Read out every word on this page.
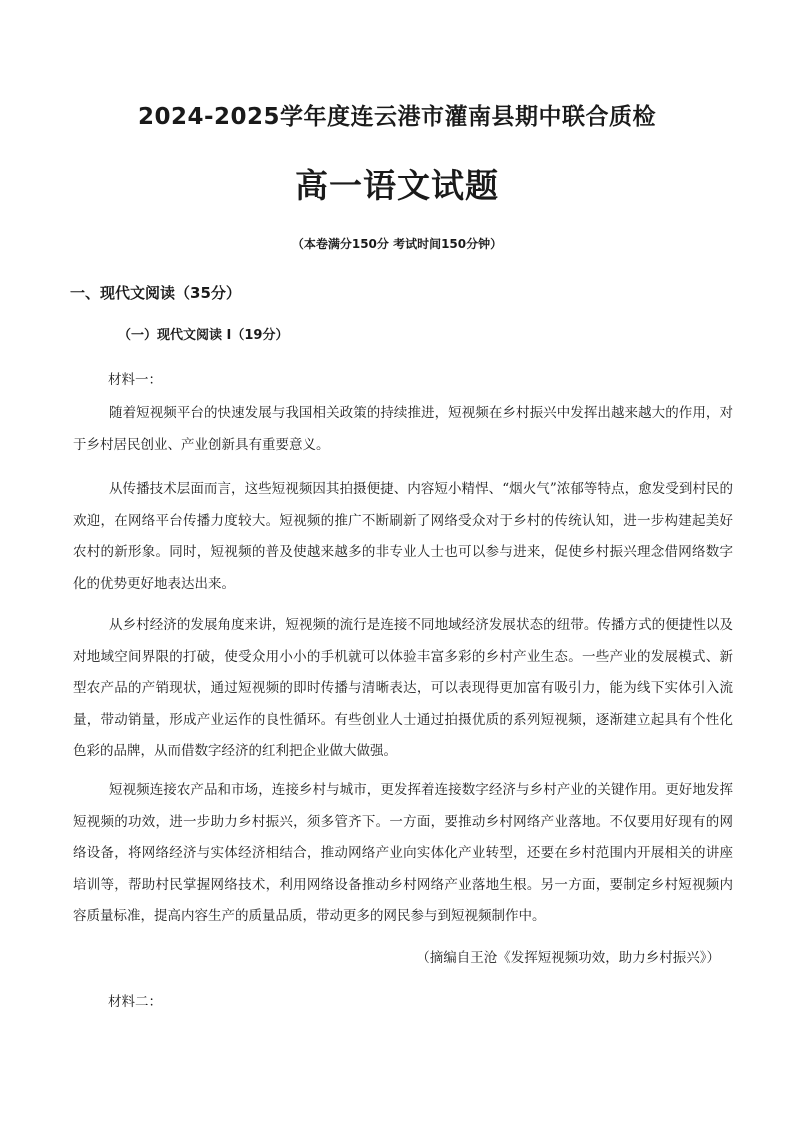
2024-2025学年度连云港市灌南县期中联合质检
高一语文试题

（本卷满分150分 考试时间150分钟）

一、现代文阅读（35分）

（一）现代文阅读 I（19分）

材料一：

随着短视频平台的快速发展与我国相关政策的持续推进，短视频在乡村振兴中发挥出越来越大的作用，对于乡村居民创业、产业创新具有重要意义。

从传播技术层面而言，这些短视频因其拍摄便捷、内容短小精悍、“烟火气”浓郁等特点，愈发受到村民的欢迎，在网络平台传播力度较大。短视频的推广不断刷新了网络受众对于乡村的传统认知，进一步构建起美好农村的新形象。同时，短视频的普及使越来越多的非专业人士也可以参与进来，促使乡村振兴理念借网络数字化的优势更好地表达出来。

从乡村经济的发展角度来讲，短视频的流行是连接不同地域经济发展状态的纽带。传播方式的便捷性以及对地域空间界限的打破，使受众用小小的手机就可以体验丰富多彩的乡村产业生态。一些产业的发展模式、新型农产品的产销现状，通过短视频的即时传播与清晰表达，可以表现得更加富有吸引力，能为线下实体引入流量，带动销量，形成产业运作的良性循环。有些创业人士通过拍摄优质的系列短视频，逐渐建立起具有个性化色彩的品牌，从而借数字经济的红利把企业做大做强。

短视频连接农产品和市场，连接乡村与城市，更发挥着连接数字经济与乡村产业的关键作用。更好地发挥短视频的功效，进一步助力乡村振兴，须多管齐下。一方面，要推动乡村网络产业落地。不仅要用好现有的网络设备，将网络经济与实体经济相结合，推动网络产业向实体化产业转型，还要在乡村范围内开展相关的讲座培训等，帮助村民掌握网络技术，利用网络设备推动乡村网络产业落地生根。另一方面，要制定乡村短视频内容质量标准，提高内容生产的质量品质，带动更多的网民参与到短视频制作中。

（摘编自王沧《发挥短视频功效，助力乡村振兴》）

材料二：
